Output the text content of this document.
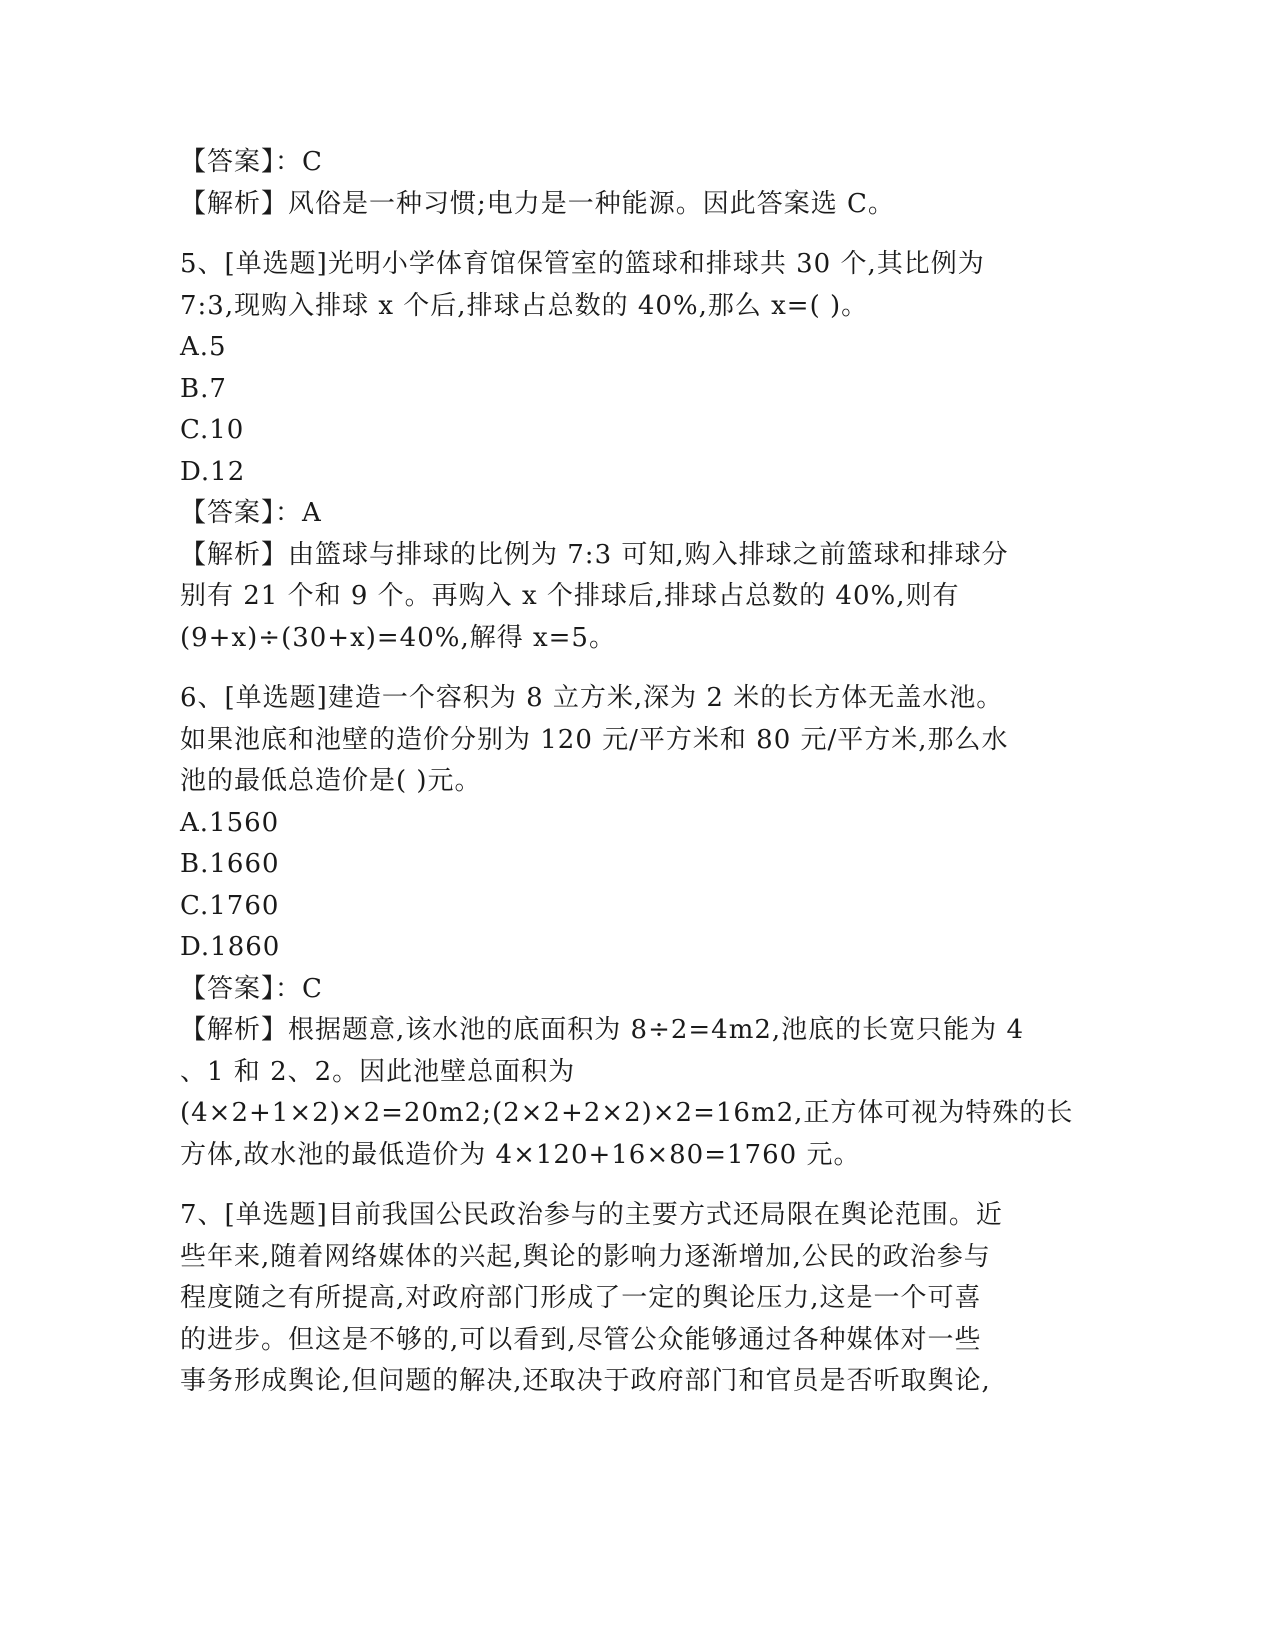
【答案】：C
【解析】风俗是一种习惯;电力是一种能源。因此答案选 C。
5、[单选题]光明小学体育馆保管室的篮球和排球共 30 个,其比例为
7:3,现购入排球 x 个后,排球占总数的 40%,那么 x=( )。
A.5
B.7
C.10
D.12
【答案】：A
【解析】由篮球与排球的比例为 7:3 可知,购入排球之前篮球和排球分
别有 21 个和 9 个。再购入 x 个排球后,排球占总数的 40%,则有
(9+x)÷(30+x)=40%,解得 x=5。
6、[单选题]建造一个容积为 8 立方米,深为 2 米的长方体无盖水池。
如果池底和池壁的造价分别为 120 元/平方米和 80 元/平方米,那么水
池的最低总造价是( )元。
A.1560
B.1660
C.1760
D.1860
【答案】：C
【解析】根据题意,该水池的底面积为 8÷2=4m2,池底的长宽只能为 4
、1 和 2、2。因此池壁总面积为
(4×2+1×2)×2=20m2;(2×2+2×2)×2=16m2,正方体可视为特殊的长
方体,故水池的最低造价为 4×120+16×80=1760 元。
7、[单选题]目前我国公民政治参与的主要方式还局限在舆论范围。近
些年来,随着网络媒体的兴起,舆论的影响力逐渐增加,公民的政治参与
程度随之有所提高,对政府部门形成了一定的舆论压力,这是一个可喜
的进步。但这是不够的,可以看到,尽管公众能够通过各种媒体对一些
事务形成舆论,但问题的解决,还取决于政府部门和官员是否听取舆论,
